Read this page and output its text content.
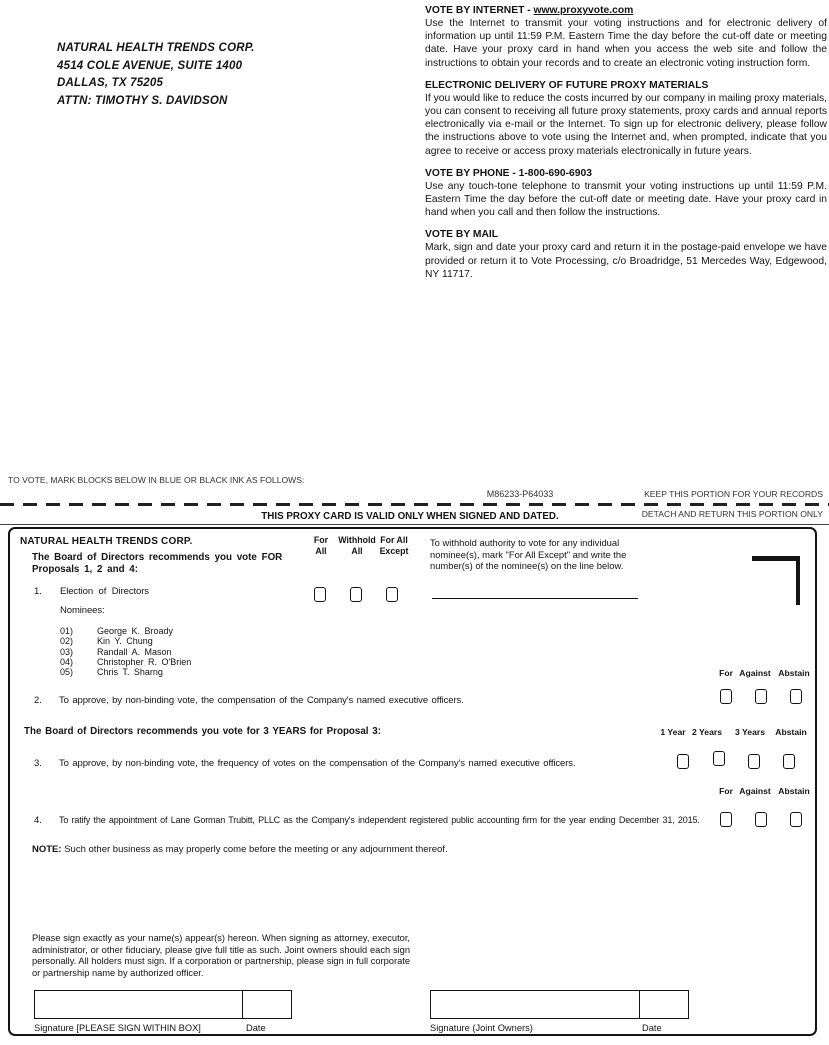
NATURAL HEALTH TRENDS CORP.
4514 COLE AVENUE, SUITE 1400
DALLAS, TX 75205
ATTN: TIMOTHY S. DAVIDSON
VOTE BY INTERNET - www.proxyvote.com
Use the Internet to transmit your voting instructions and for electronic delivery of information up until 11:59 P.M. Eastern Time the day before the cut-off date or meeting date. Have your proxy card in hand when you access the web site and follow the instructions to obtain your records and to create an electronic voting instruction form.
ELECTRONIC DELIVERY OF FUTURE PROXY MATERIALS
If you would like to reduce the costs incurred by our company in mailing proxy materials, you can consent to receiving all future proxy statements, proxy cards and annual reports electronically via e-mail or the Internet. To sign up for electronic delivery, please follow the instructions above to vote using the Internet and, when prompted, indicate that you agree to receive or access proxy materials electronically in future years.
VOTE BY PHONE - 1-800-690-6903
Use any touch-tone telephone to transmit your voting instructions up until 11:59 P.M. Eastern Time the day before the cut-off date or meeting date. Have your proxy card in hand when you call and then follow the instructions.
VOTE BY MAIL
Mark, sign and date your proxy card and return it in the postage-paid envelope we have provided or return it to Vote Processing, c/o Broadridge, 51 Mercedes Way, Edgewood, NY 11717.
TO VOTE, MARK BLOCKS BELOW IN BLUE OR BLACK INK AS FOLLOWS:
M86233-P64033	KEEP THIS PORTION FOR YOUR RECORDS
THIS PROXY CARD IS VALID ONLY WHEN SIGNED AND DATED.	DETACH AND RETURN THIS PORTION ONLY
NATURAL HEALTH TRENDS CORP.
The Board of Directors recommends you vote FOR Proposals 1, 2 and 4:
For
All
Withhold
All
For All
Except
To withhold authority to vote for any individual nominee(s), mark "For All Except" and write the number(s) of the nominee(s) on the line below.
1. Election of Directors
Nominees:
01)	George K. Broady
02)	Kin Y. Chung
03)	Randall A. Mason
04)	Christopher R. O'Brien
05)	Chris T. Sharng	For Against Abstain
2. To approve, by non-binding vote, the compensation of the Company's named executive officers.
The Board of Directors recommends you vote for 3 YEARS for Proposal 3:	1 Year 2 Years 3 Years Abstain
3. To approve, by non-binding vote, the frequency of votes on the compensation of the Company's named executive officers.
For Against Abstain
4. To ratify the appointment of Lane Gorman Trubitt, PLLC as the Company's independent registered public accounting firm for the year ending December 31, 2015.
NOTE: Such other business as may properly come before the meeting or any adjournment thereof.
Please sign exactly as your name(s) appear(s) hereon. When signing as attorney, executor, administrator, or other fiduciary, please give full title as such. Joint owners should each sign personally. All holders must sign. If a corporation or partnership, please sign in full corporate or partnership name by authorized officer.
Signature [PLEASE SIGN WITHIN BOX]	Date	Signature (Joint Owners)	Date
